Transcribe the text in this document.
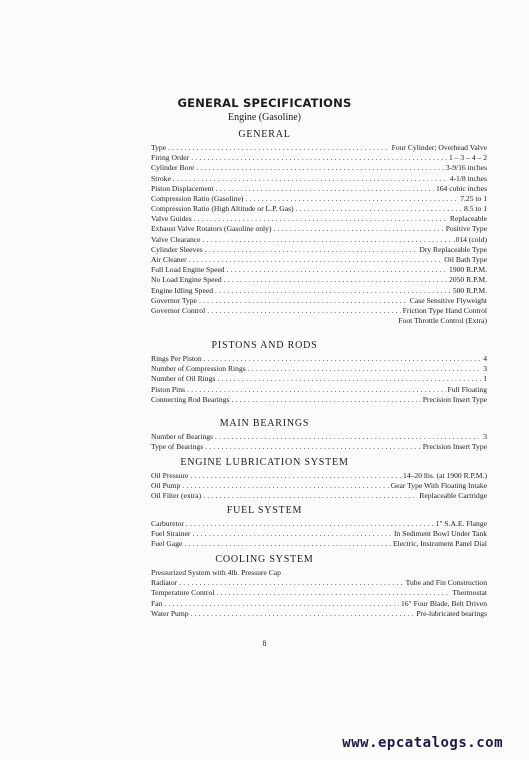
GENERAL SPECIFICATIONS
Engine (Gasoline)
GENERAL
Type .....	Four Cylinder; Overhead Valve
Firing Order .....	1 – 3 – 4 – 2
Cylinder Bore .....	3-9/16 inches
Stroke .....	4-1/8 inches
Piston Displacement .....	164 cubic inches
Compression Ratio (Gasoline) .....	7.25 to 1
Compression Ratio (High Altitude or L.P. Gas) .....	8.5 to 1
Valve Guides .....	Replaceable
Exhaust Valve Rotators (Gasoline only) .....	Positive Type
Valve Clearance .....	.014 (cold)
Cylinder Sleeves .....	Dry Replaceable Type
Air Cleaner .....	Oil Bath Type
Full Load Engine Speed .....	1900 R.P.M.
No Load Engine Speed .....	2050 R.P.M.
Engine Idling Speed .....	500 R.P.M.
Governor Type .....	Case Sensitive Flyweight
Governor Control .....	Friction Type Hand Control
Foot Throttle Control (Extra)
PISTONS AND RODS
Rings Per Piston .....	4
Number of Compression Rings .....	3
Number of Oil Rings .....	1
Piston Pins .....	Full Floating
Connecting Rod Bearings .....	Precision Insert Type
MAIN BEARINGS
Number of Bearings .....	3
Type of Bearings .....	Precision Insert Type
ENGINE LUBRICATION SYSTEM
Oil Pressure .....	14–20 lbs. (at 1900 R.P.M.)
Oil Pump .....	Gear Type With Floating Intake
Oil Filter (extra) .....	Replaceable Cartridge
FUEL SYSTEM
Carburetor .....	1" S.A.E. Flange
Fuel Strainer .....	In Sediment Bowl Under Tank
Fuel Gage .....	Electric, Instrument Panel Dial
COOLING SYSTEM
Pressurized System with 4lb. Pressure Cap
Radiator .....	Tube and Fin Construction
Temperature Control .....	Thermostat
Fan .....	16" Four Blade, Belt Driven
Water Pump .....	Pre-lubricated bearings
8
www.epcatalogs.com
